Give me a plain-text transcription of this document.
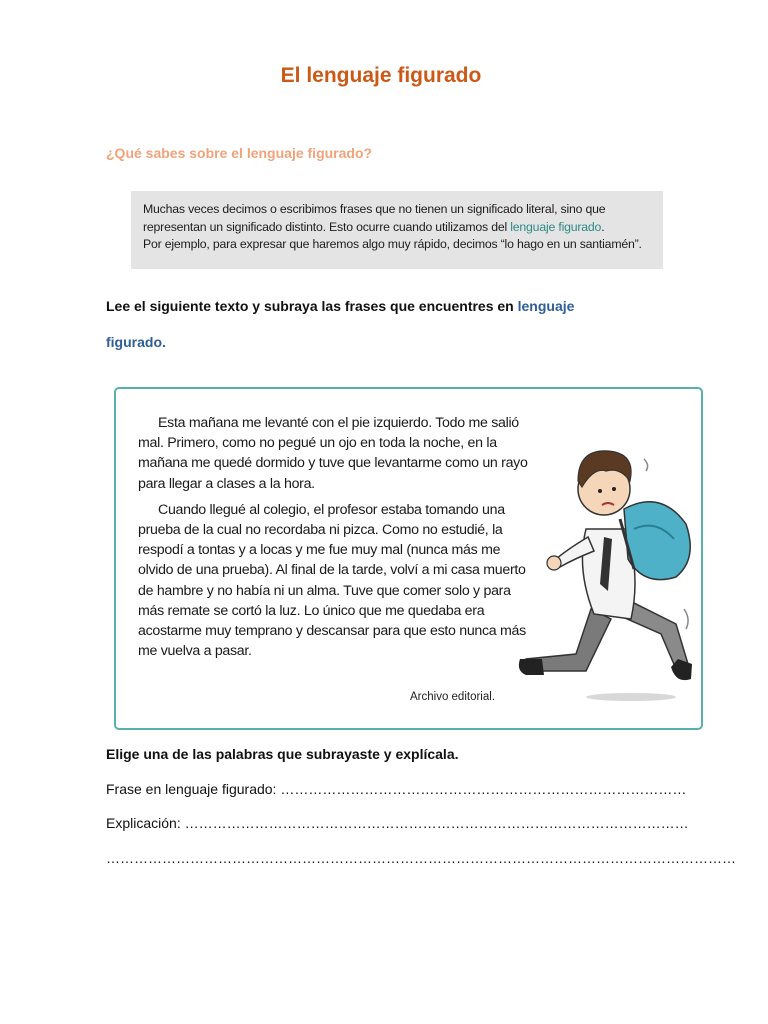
El lenguaje figurado
¿Qué sabes sobre el lenguaje figurado?
Muchas veces decimos o escribimos frases que no tienen un significado literal, sino que
representan un significado distinto. Esto ocurre cuando utilizamos del lenguaje figurado.
Por ejemplo, para expresar que haremos algo muy rápido, decimos “lo hago en un santiamén”.
Lee el siguiente texto y subraya las frases que encuentres en lenguaje
figurado.

Esta mañana me levanté con el pie izquierdo. Todo me salió mal. Primero, como no pegué un ojo en toda la noche, en la mañana me quedé dormido y tuve que levantarme como un rayo para llegar a clases a la hora.

Cuando llegué al colegio, el profesor estaba tomando una prueba de la cual no recordaba ni pizca. Como no estudié, la respodí a tontas y a locas y me fue muy mal (nunca más me olvido de una prueba). Al final de la tarde, volví a mi casa muerto de hambre y no había ni un alma. Tuve que comer solo y para más remate se cortó la luz. Lo único que me quedaba era acostarme muy temprano y descansar para que esto nunca más me vuelva a pasar.

Archivo editorial.
Elige una de las palabras que subrayaste y explícala.
Frase en lenguaje figurado: ……………………………………………………………………………
Explicación: ………………………………………………………………………………………………
………………………………………………………………………………………………………………………
